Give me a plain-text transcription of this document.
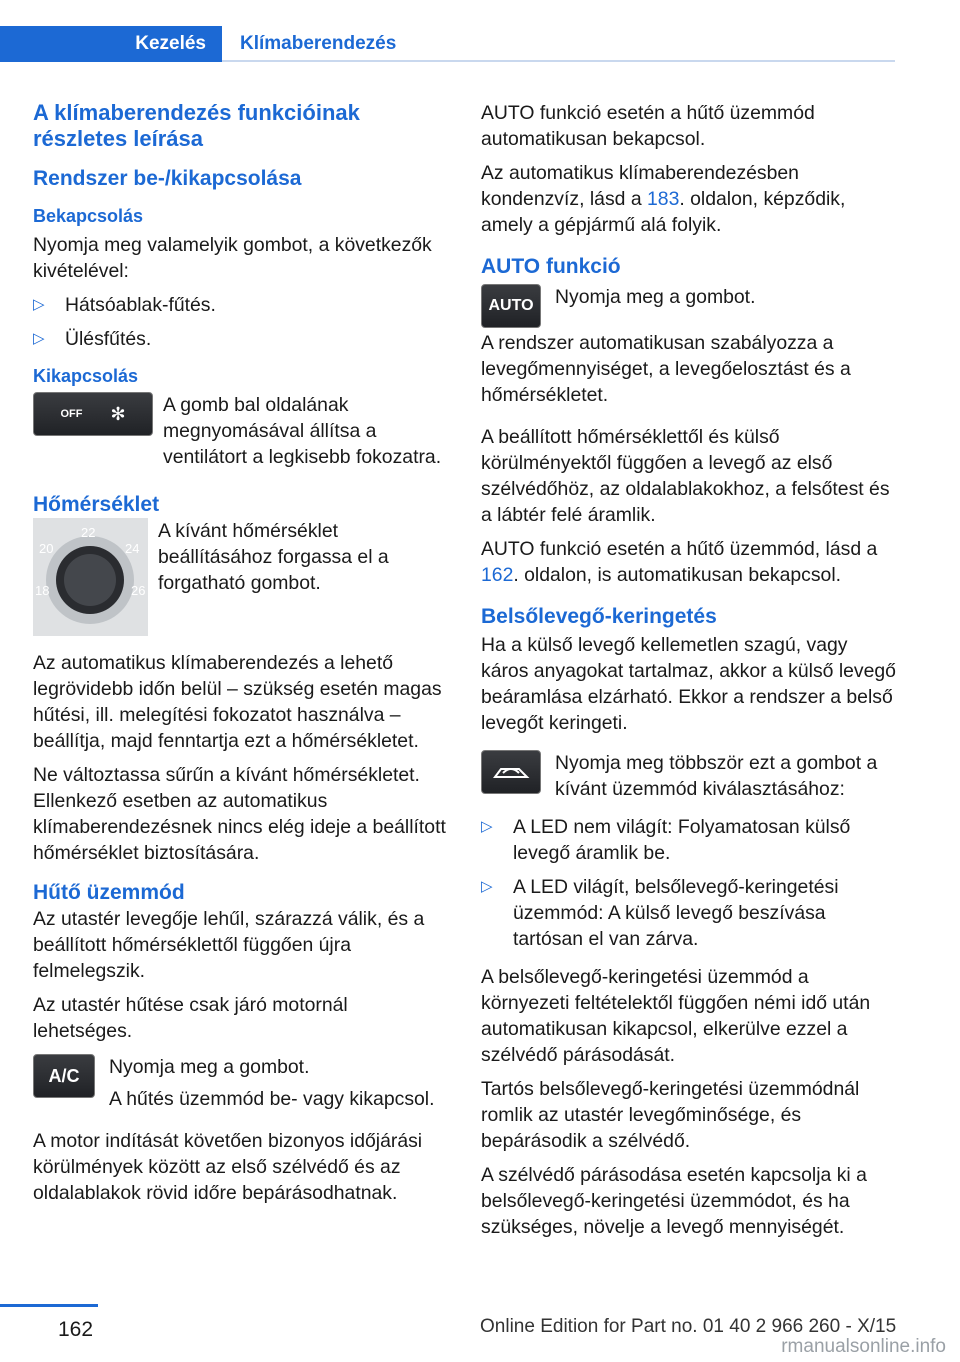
Kezelés	Klímaberendezés
A klímaberendezés funkcióinak részletes leírása
Rendszer be-/kikapcsolása
Bekapcsolás

Nyomja meg valamelyik gombot, a következők kivételével:

▷ Hátsóablak-fűtés.
▷ Ülésfűtés.
Kikapcsolás
OFF ✻ A gomb bal oldalának megnyomásával állítsa a ventilátort a legkisebb fokozatra.
Hőmérséklet
20
22
24
18	26
A kívánt hőmérséklet beállításához forgassa el a forgatható gombot.

Az automatikus klímaberendezés a lehető legrövidebb időn belül – szükség esetén magas hűtési, ill. melegítési fokozatot használva – beállítja, majd fenntartja ezt a hőmérsékletet.

Ne változtassa sűrűn a kívánt hőmérsékletet. Ellenkező esetben az automatikus klímaberendezésnek nincs elég ideje a beállított hőmérséklet biztosítására.

Hűtő üzemmód

Az utastér levegője lehűl, szárazzá válik, és a beállított hőmérséklettől függően újra felmelegszik.

Az utastér hűtése csak járó motornál lehetséges.

A/C Nyomja meg a gombot.
A hűtés üzemmód be- vagy kikapcsol.

A motor indítását követően bizonyos időjárási körülmények között az első szélvédő és az oldalablakok rövid időre bepárásodhatnak.

AUTO funkció esetén a hűtő üzemmód automatikusan bekapcsol.

Az automatikus klímaberendezésben kondenzvíz, lásd a 183. oldalon, képződik, amely a gépjármű alá folyik.

AUTO funkció
AUTO Nyomja meg a gombot.

A rendszer automatikusan szabályozza a levegőmennyiséget, a levegőelosztást és a hőmérsékletet.

A beállított hőmérséklettől és külső körülményektől függően a levegő az első szélvédőhöz, az oldalablakokhoz, a felsőtest és a lábtér felé áramlik.

AUTO funkció esetén a hűtő üzemmód, lásd a 162. oldalon, is automatikusan bekapcsol.

Belsőlevegő-keringetés

Ha a külső levegő kellemetlen szagú, vagy káros anyagokat tartalmaz, akkor a külső levegő beáramlása elzárható. Ekkor a rendszer a belső levegőt keringeti.

Nyomja meg többször ezt a gombot a kívánt üzemmód kiválasztásához:
▷ A LED nem világít: Folyamatosan külső levegő áramlik be.
▷ A LED világít, belsőlevegő-keringetési üzemmód: A külső levegő beszívása tartósan el van zárva.

A belsőlevegő-keringetési üzemmód a környezeti feltételektől függően némi idő után automatikusan kikapcsol, elkerülve ezzel a szélvédő párásodását.

Tartós belsőlevegő-keringetési üzemmódnál romlik az utastér levegőminősége, és bepárásodik a szélvédő.

A szélvédő párásodása esetén kapcsolja ki a belsőlevegő-keringetési üzemmódot, és ha szükséges, növelje a levegő mennyiségét.

162	Online Edition for Part no. 01 40 2 966 260 - X/15
rmanualsonline.info
